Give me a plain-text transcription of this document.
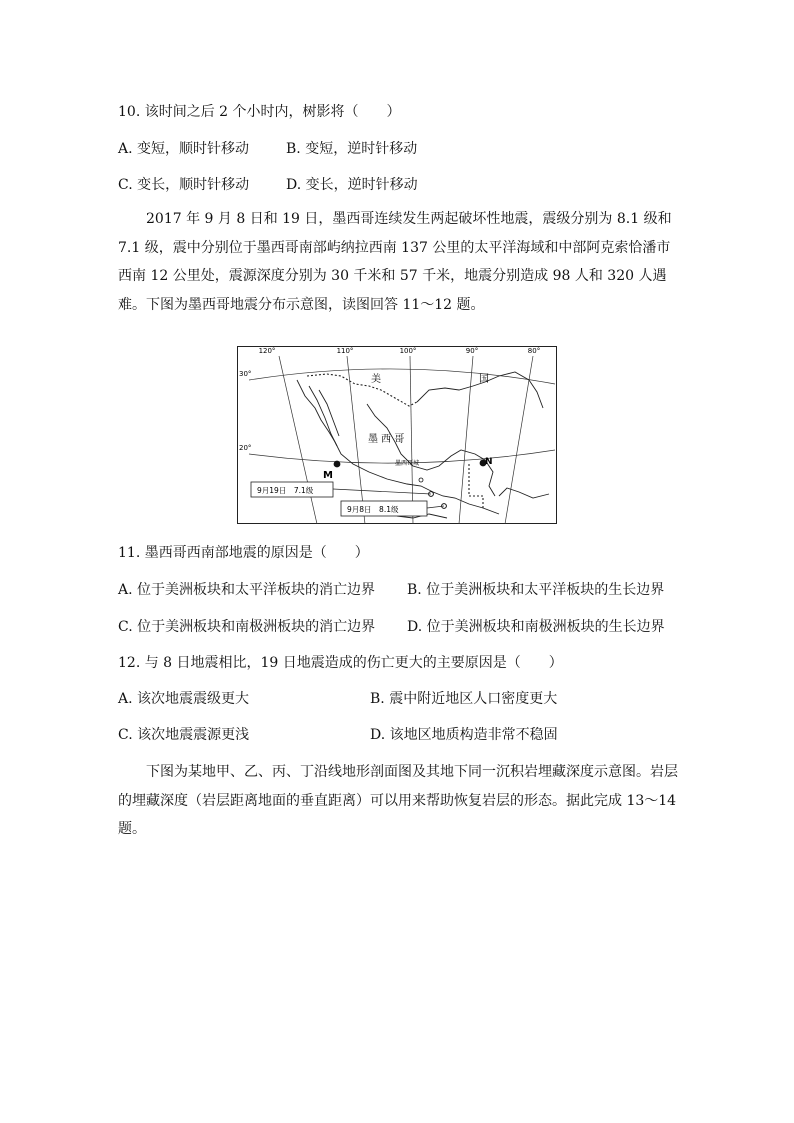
10. 该时间之后 2 个小时内，树影将（　　）
A. 变短，顺时针移动	B. 变短，逆时针移动
C. 变长，顺时针移动	D. 变长，逆时针移动
2017 年 9 月 8 日和 19 日，墨西哥连续发生两起破坏性地震，震级分别为 8.1 级和 7.1 级，震中分别位于墨西哥南部屿纳拉西南 137 公里的太平洋海域和中部阿克索恰潘市西南 12 公里处，震源深度分别为 30 千米和 57 千米，地震分别造成 98 人和 320 人遇难。下图为墨西哥地震分布示意图，读图回答 11～12 题。
120°	110°	100°	90°	80°
30°
20°
美	国
墨 西 哥
M
N
墨西哥城
9月19日　7.1级
9月8日　8.1级
11. 墨西哥西南部地震的原因是（　　）
A. 位于美洲板块和太平洋板块的消亡边界 B. 位于美洲板块和太平洋板块的生长边界
C. 位于美洲板块和南极洲板块的消亡边界 D. 位于美洲板块和南极洲板块的生长边界
12. 与 8 日地震相比，19 日地震造成的伤亡更大的主要原因是（　　）
A. 该次地震震级更大	B. 震中附近地区人口密度更大
C. 该次地震震源更浅	D. 该地区地质构造非常不稳固
下图为某地甲、乙、丙、丁沿线地形剖面图及其地下同一沉积岩埋藏深度示意图。岩层的埋藏深度（岩层距离地面的垂直距离）可以用来帮助恢复岩层的形态。据此完成 13～14 题。
